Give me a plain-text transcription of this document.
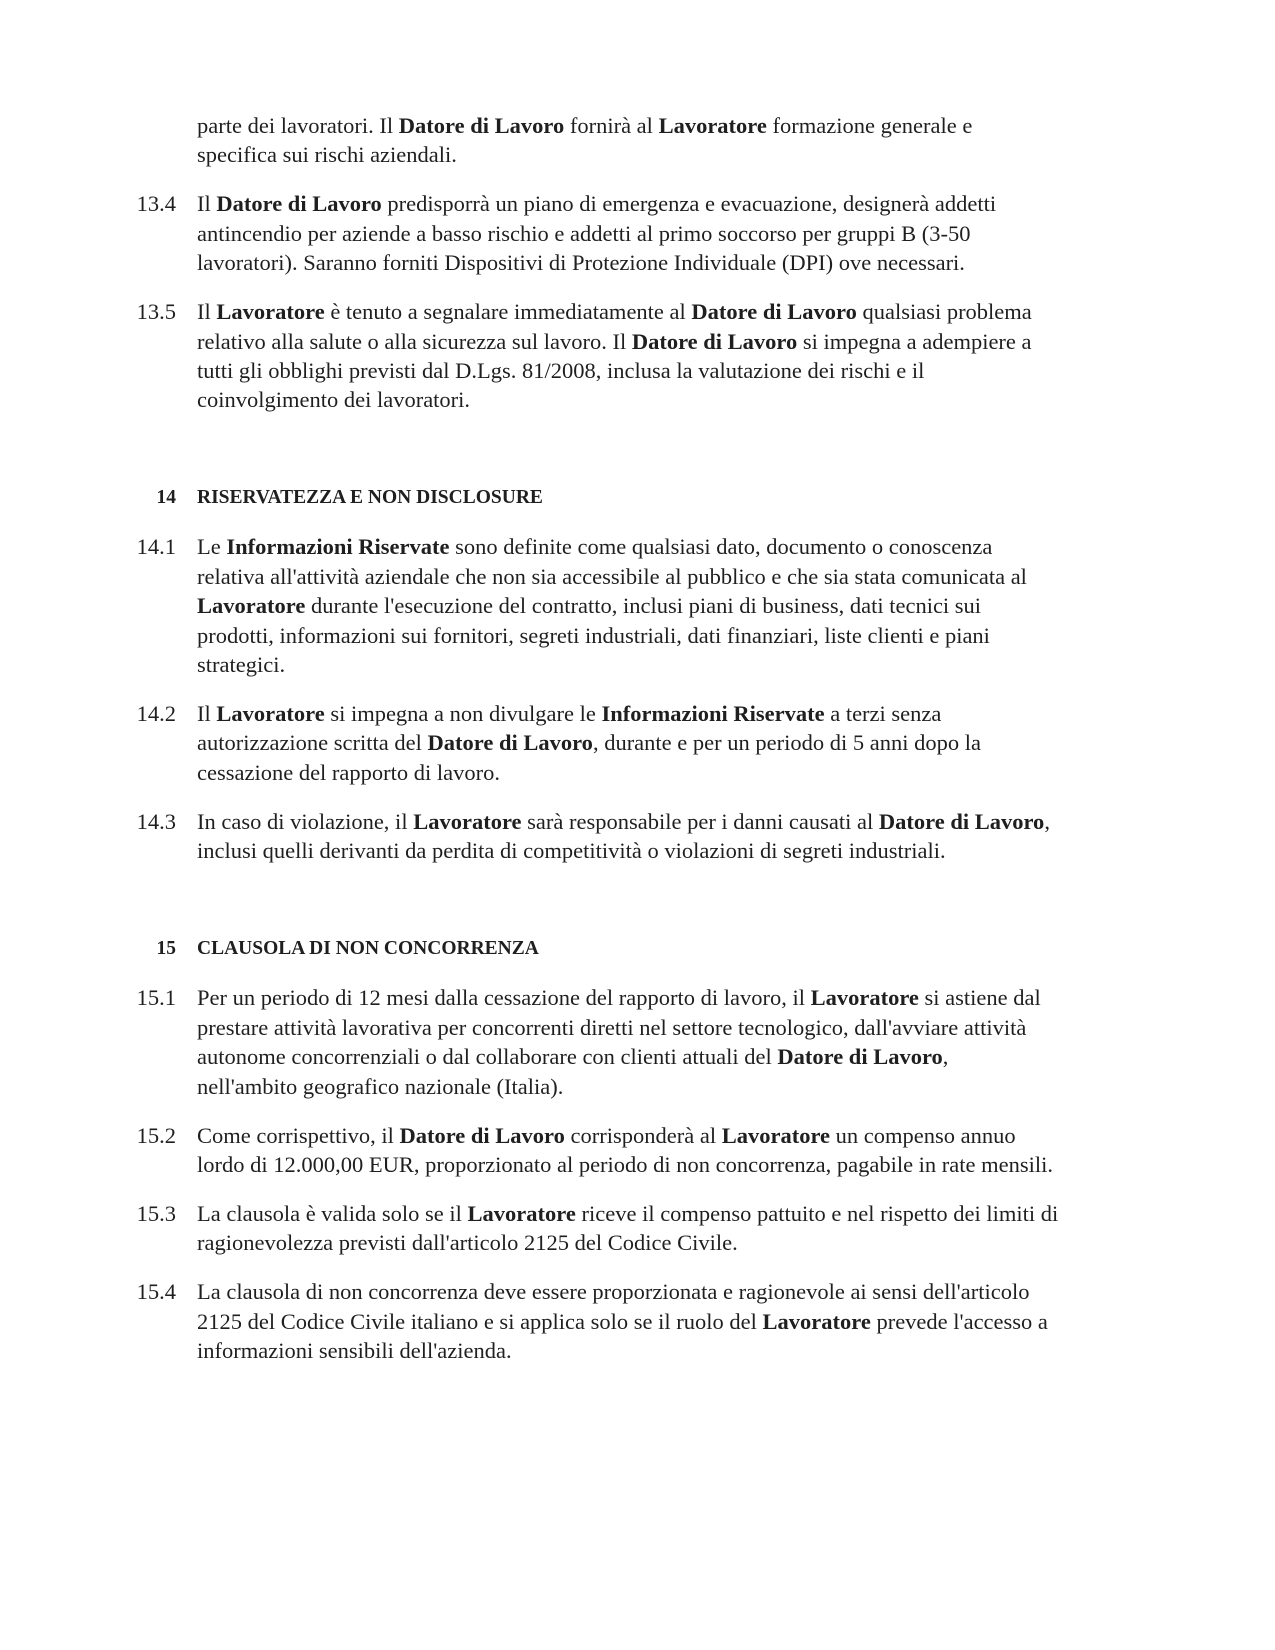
parte dei lavoratori. Il Datore di Lavoro fornirà al Lavoratore formazione generale e
specifica sui rischi aziendali.
13.4 Il Datore di Lavoro predisporrà un piano di emergenza e evacuazione, designerà addetti
antincendio per aziende a basso rischio e addetti al primo soccorso per gruppi B (3-50
lavoratori). Saranno forniti Dispositivi di Protezione Individuale (DPI) ove necessari.
13.5 Il Lavoratore è tenuto a segnalare immediatamente al Datore di Lavoro qualsiasi problema
relativo alla salute o alla sicurezza sul lavoro. Il Datore di Lavoro si impegna a adempiere a
tutti gli obblighi previsti dal D.Lgs. 81/2008, inclusa la valutazione dei rischi e il
coinvolgimento dei lavoratori.
14 RISERVATEZZA E NON DISCLOSURE
14.1 Le Informazioni Riservate sono definite come qualsiasi dato, documento o conoscenza
relativa all'attività aziendale che non sia accessibile al pubblico e che sia stata comunicata al
Lavoratore durante l'esecuzione del contratto, inclusi piani di business, dati tecnici sui
prodotti, informazioni sui fornitori, segreti industriali, dati finanziari, liste clienti e piani
strategici.
14.2 Il Lavoratore si impegna a non divulgare le Informazioni Riservate a terzi senza
autorizzazione scritta del Datore di Lavoro, durante e per un periodo di 5 anni dopo la
cessazione del rapporto di lavoro.
14.3 In caso di violazione, il Lavoratore sarà responsabile per i danni causati al Datore di Lavoro,
inclusi quelli derivanti da perdita di competitività o violazioni di segreti industriali.
15 CLAUSOLA DI NON CONCORRENZA
15.1 Per un periodo di 12 mesi dalla cessazione del rapporto di lavoro, il Lavoratore si astiene dal
prestare attività lavorativa per concorrenti diretti nel settore tecnologico, dall'avviare attività
autonome concorrenziali o dal collaborare con clienti attuali del Datore di Lavoro,
nell'ambito geografico nazionale (Italia).
15.2 Come corrispettivo, il Datore di Lavoro corrisponderà al Lavoratore un compenso annuo
lordo di 12.000,00 EUR, proporzionato al periodo di non concorrenza, pagabile in rate mensili.
15.3 La clausola è valida solo se il Lavoratore riceve il compenso pattuito e nel rispetto dei limiti di
ragionevolezza previsti dall'articolo 2125 del Codice Civile.
15.4 La clausola di non concorrenza deve essere proporzionata e ragionevole ai sensi dell'articolo
2125 del Codice Civile italiano e si applica solo se il ruolo del Lavoratore prevede l'accesso a
informazioni sensibili dell'azienda.
